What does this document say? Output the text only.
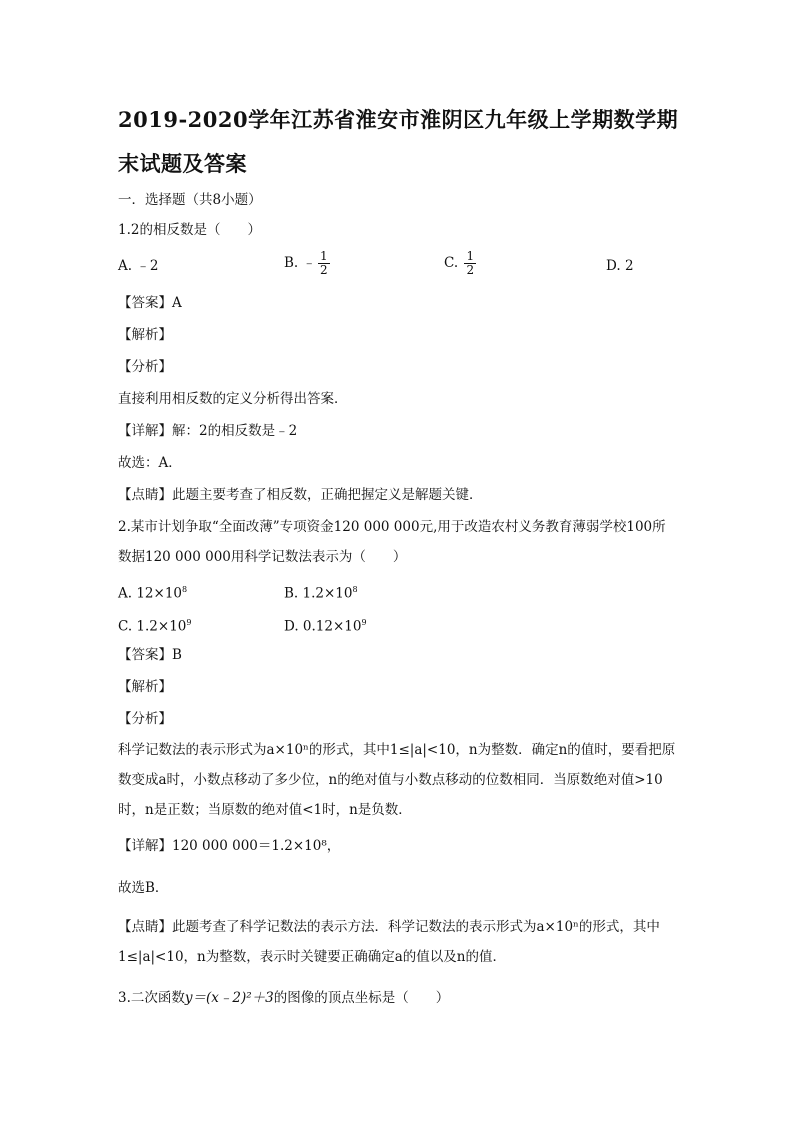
2019-2020学年江苏省淮安市淮阴区九年级上学期数学期末试题及答案
一．选择题（共8小题）
1.2的相反数是（　　）
A. ﹣2	B. ﹣ $\frac{1}{2}$	C. $\frac{1}{2}$	D. 2
【答案】A
【解析】
【分析】
直接利用相反数的定义分析得出答案．
【详解】解：2的相反数是﹣2
故选：A．
【点睛】此题主要考查了相反数，正确把握定义是解题关键．
2.某市计划争取“全面改薄”专项资金120 000 000元,用于改造农村义务教育薄弱学校100所数据120 000 000用科学记数法表示为（　　）
A. $12\times 10^8$	B. $1.2\times 10^8$
C. $1.2\times 10^9$	D. $0.12\times 10^9$
【答案】B
【解析】
【分析】
科学记数法的表示形式为a×10ⁿ的形式，其中1≤|a|<10，n为整数．确定n的值时，要看把原数变成a时，小数点移动了多少位，n的绝对值与小数点移动的位数相同．当原数绝对值>10时，n是正数；当原数的绝对值<1时，n是负数．
【详解】120 000 000＝1.2×10⁸，
故选B．
【点睛】此题考查了科学记数法的表示方法．科学记数法的表示形式为a×10ⁿ的形式，其中1≤|a|<10，n为整数，表示时关键要正确确定a的值以及n的值．
3.二次函数y＝(x﹣2)²＋3的图像的顶点坐标是（　　）
